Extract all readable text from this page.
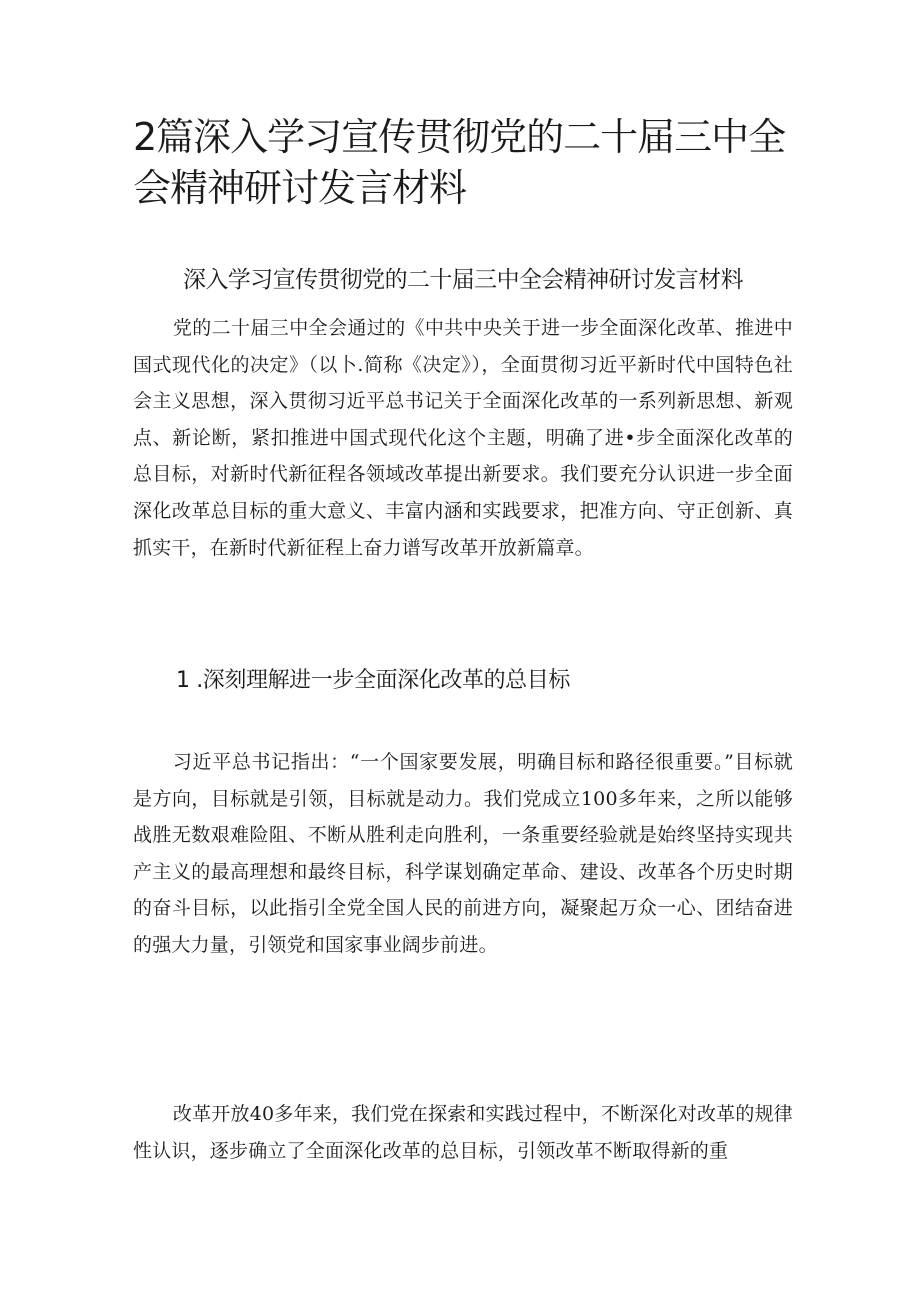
2篇深入学习宣传贯彻党的二十届三中全会精神研讨发言材料
深入学习宣传贯彻党的二十届三中全会精神研讨发言材料

党的二十届三中全会通过的《中共中央关于进一步全面深化改革、推进中国式现代化的决定》（以卜.简称《决定》），全面贯彻习近平新时代中国特色社会主义思想，深入贯彻习近平总书记关于全面深化改革的一系列新思想、新观点、新论断，紧扣推进中国式现代化这个主题，明确了进•步全面深化改革的总目标，对新时代新征程各领域改革提出新要求。我们要充分认识进一步全面深化改革总目标的重大意义、丰富内涵和实践要求，把准方向、守正创新、真抓实干，在新时代新征程上奋力谱写改革开放新篇章。

1 .深刻理解进一步全面深化改革的总目标

习近平总书记指出：“一个国家要发展，明确目标和路径很重要。”目标就是方向，目标就是引领，目标就是动力。我们党成立100多年来，之所以能够战胜无数艰难险阻、不断从胜利走向胜利，一条重要经验就是始终坚持实现共产主义的最高理想和最终目标，科学谋划确定革命、建设、改革各个历史时期的奋斗目标，以此指引全党全国人民的前进方向，凝聚起万众一心、团结奋进的强大力量，引领党和国家事业阔步前进。

改革开放40多年来，我们党在探索和实践过程中，不断深化对改革的规律性认识，逐步确立了全面深化改革的总目标，引领改革不断取得新的重
